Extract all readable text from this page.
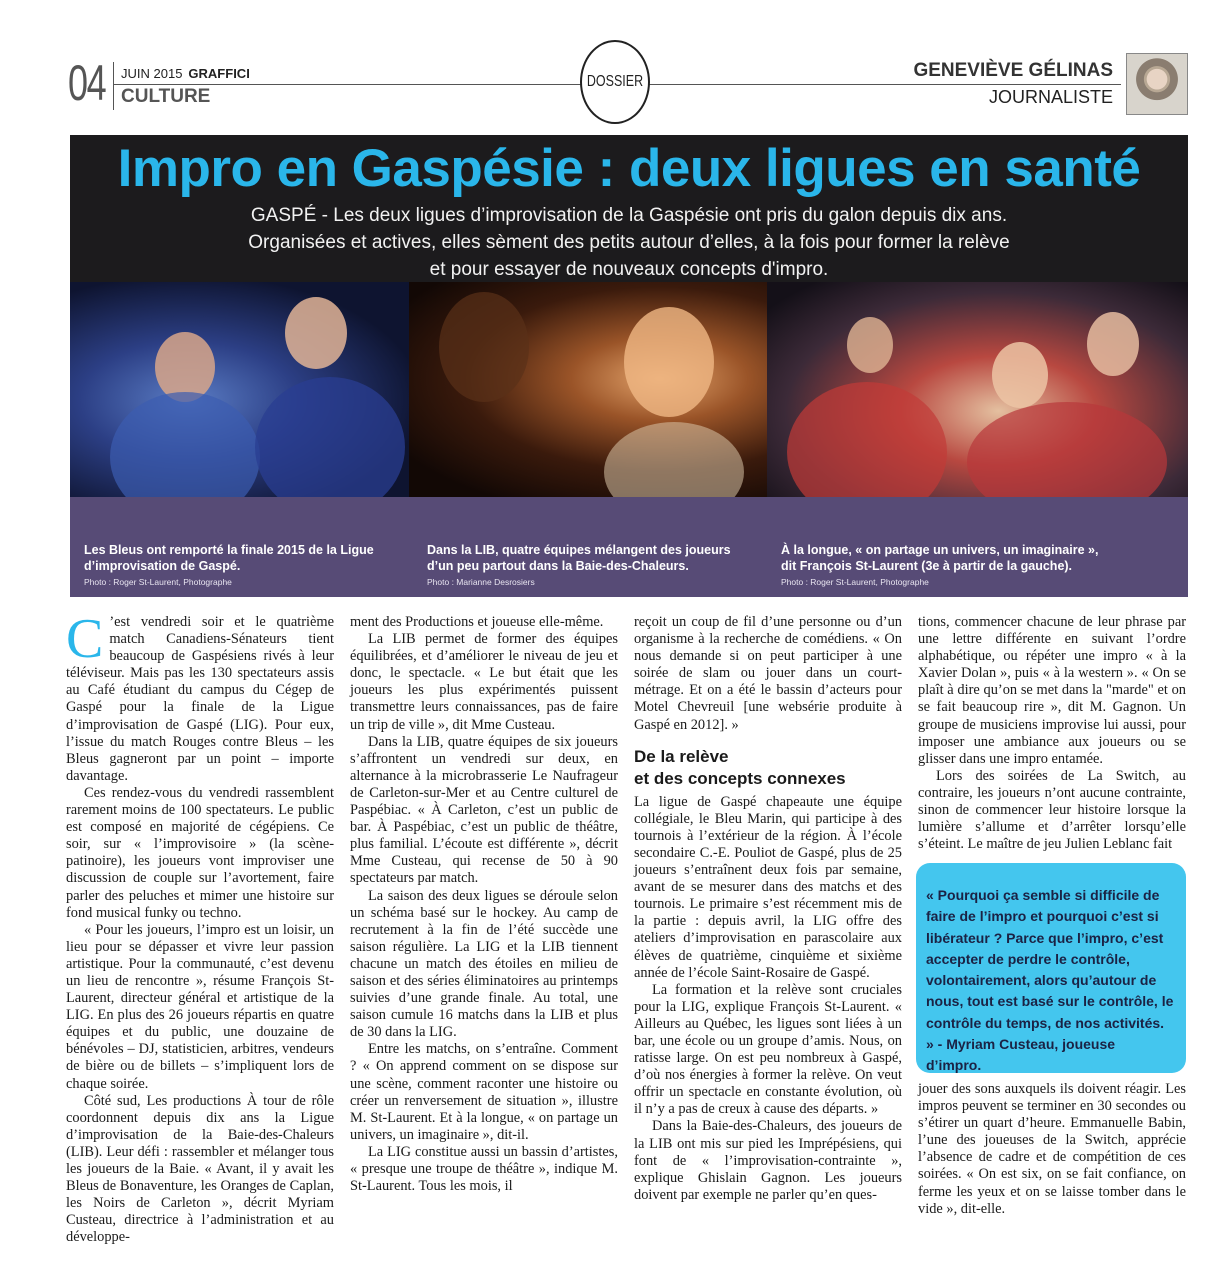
04 JUIN 2015 GRAFFICI
CULTURE
DOSSIER
GENEVIÈVE GÉLINAS
JOURNALISTE
Impro en Gaspésie : deux ligues en santé

GASPÉ - Les deux ligues d’improvisation de la Gaspésie ont pris du galon depuis dix ans.

Organisées et actives, elles sèment des petits autour d’elles, à la fois pour former la relève

et pour essayer de nouveaux concepts d'impro.

Les Bleus ont remporté la finale 2015 de la Ligue d’improvisation de Gaspé.
Photo : Roger St-Laurent, Photographe
Dans la LIB, quatre équipes mélangent des joueurs d’un peu partout dans la Baie-des-Chaleurs.
Photo : Marianne Desrosiers
À la longue, « on partage un univers, un imaginaire », dit François St-Laurent (3e à partir de la gauche).
Photo : Roger St-Laurent, Photographe

C ’est vendredi soir et le quatrième match Canadiens-Sénateurs tient beaucoup de Gaspésiens rivés à leur téléviseur. Mais pas les 130 spectateurs assis au Café étudiant du campus du Cégep de Gaspé pour la finale de la Ligue d’improvisation de Gaspé (LIG). Pour eux, l’issue du match Rouges contre Bleus – les Bleus gagneront par un point – importe davantage.

Ces rendez-vous du vendredi rassemblent rarement moins de 100 spectateurs. Le public est composé en majorité de cégépiens. Ce soir, sur « l’improvisoire » (la scène-patinoire), les joueurs vont improviser une discussion de couple sur l’avortement, faire parler des peluches et mimer une histoire sur fond musical funky ou techno.

« Pour les joueurs, l’impro est un loisir, un lieu pour se dépasser et vivre leur passion artistique. Pour la communauté, c’est devenu un lieu de rencontre », résume François St-Laurent, directeur général et artistique de la LIG. En plus des 26 joueurs répartis en quatre équipes et du public, une douzaine de bénévoles – DJ, statisticien, arbitres, vendeurs de bière ou de billets – s’impliquent lors de chaque soirée.

Côté sud, Les productions À tour de rôle coordonnent depuis dix ans la Ligue d’improvisation de la Baie-des-Chaleurs (LIB). Leur défi : rassembler et mélanger tous les joueurs de la Baie. « Avant, il y avait les Bleus de Bonaventure, les Oranges de Caplan, les Noirs de Carleton », décrit Myriam Custeau, directrice à l’administration et au développe-

ment des Productions et joueuse elle-même.

La LIB permet de former des équipes équilibrées, et d’améliorer le niveau de jeu et donc, le spectacle. « Le but était que les joueurs les plus expérimentés puissent transmettre leurs connaissances, pas de faire un trip de ville », dit Mme Custeau.

Dans la LIB, quatre équipes de six joueurs s’affrontent un vendredi sur deux, en alternance à la microbrasserie Le Naufrageur de Carleton-sur-Mer et au Centre culturel de Paspébiac. « À Carleton, c’est un public de bar. À Paspébiac, c’est un public de théâtre, plus familial. L’écoute est différente », décrit Mme Custeau, qui recense de 50 à 90 spectateurs par match.

La saison des deux ligues se déroule selon un schéma basé sur le hockey. Au camp de recrutement à la fin de l’été succède une saison régulière. La LIG et la LIB tiennent chacune un match des étoiles en milieu de saison et des séries éliminatoires au printemps suivies d’une grande finale. Au total, une saison cumule 16 matchs dans la LIB et plus de 30 dans la LIG.

Entre les matchs, on s’entraîne. Comment ? « On apprend comment on se dispose sur une scène, comment raconter une histoire ou créer un renversement de situation », illustre M. St-Laurent. Et à la longue, « on partage un univers, un imaginaire », dit-il.

La LIG constitue aussi un bassin d’artistes, « presque une troupe de théâtre », indique M. St-Laurent. Tous les mois, il

reçoit un coup de fil d’une personne ou d’un organisme à la recherche de comédiens. « On nous demande si on peut participer à une soirée de slam ou jouer dans un court-métrage. Et on a été le bassin d’acteurs pour Motel Chevreuil [une websérie produite à Gaspé en 2012]. »

De la relève
et des concepts connexes

La ligue de Gaspé chapeaute une équipe collégiale, le Bleu Marin, qui participe à des tournois à l’extérieur de la région. À l’école secondaire C.-E. Pouliot de Gaspé, plus de 25 joueurs s’entraînent deux fois par semaine, avant de se mesurer dans des matchs et des tournois. Le primaire s’est récemment mis de la partie : depuis avril, la LIG offre des ateliers d’improvisation en parascolaire aux élèves de quatrième, cinquième et sixième année de l’école Saint-Rosaire de Gaspé.

La formation et la relève sont cruciales pour la LIG, explique François St-Laurent. « Ailleurs au Québec, les ligues sont liées à un bar, une école ou un groupe d’amis. Nous, on ratisse large. On est peu nombreux à Gaspé, d’où nos énergies à former la relève. On veut offrir un spectacle en constante évolution, où il n’y a pas de creux à cause des départs. »

Dans la Baie-des-Chaleurs, des joueurs de la LIB ont mis sur pied les Imprépésiens, qui font de « l’improvisation-contrainte », explique Ghislain Gagnon. Les joueurs doivent par exemple ne parler qu’en ques-

tions, commencer chacune de leur phrase par une lettre différente en suivant l’ordre alphabétique, ou répéter une impro « à la Xavier Dolan », puis « à la western ». « On se plaît à dire qu’on se met dans la "marde" et on se fait beaucoup rire », dit M. Gagnon. Un groupe de musiciens improvise lui aussi, pour imposer une ambiance aux joueurs ou se glisser dans une impro entamée.

Lors des soirées de La Switch, au contraire, les joueurs n’ont aucune contrainte, sinon de commencer leur histoire lorsque la lumière s’allume et d’arrêter lorsqu’elle s’éteint. Le maître de jeu Julien Leblanc fait

« Pourquoi ça semble si difficile de faire de l’impro et pourquoi c’est si libérateur ? Parce que l’impro, c’est accepter de perdre le contrôle, volontairement, alors qu’autour de nous, tout est basé sur le contrôle, le contrôle du temps, de nos activités. » - Myriam Custeau, joueuse d’impro.

jouer des sons auxquels ils doivent réagir. Les impros peuvent se terminer en 30 secondes ou s’étirer un quart d’heure. Emmanuelle Babin, l’une des joueuses de la Switch, apprécie l’absence de cadre et de compétition de ces soirées. « On est six, on se fait confiance, on ferme les yeux et on se laisse tomber dans le vide », dit-elle.
